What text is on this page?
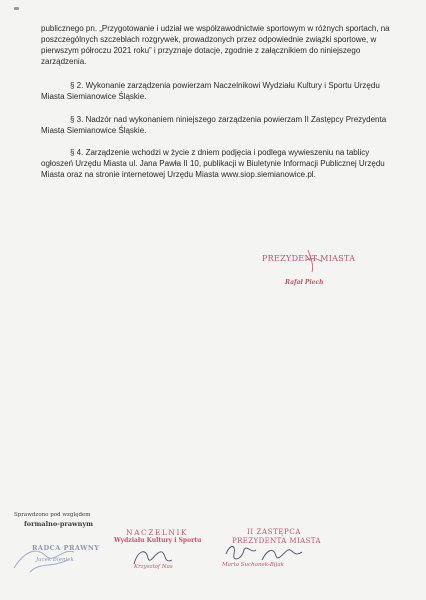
publicznego pn. „Przygotowanie i udział we współzawodnictwie sportowym w różnych sportach, na poszczególnych szczeblach rozgrywek, prowadzonych przez odpowiednie związki sportowe, w pierwszym półroczu 2021 roku” i przyznaje dotacje, zgodnie z załącznikiem do niniejszego zarządzenia.
§ 2. Wykonanie zarządzenia powierzam Naczelnikowi Wydziału Kultury i Sportu Urzędu Miasta Siemianowice Śląskie.
§ 3. Nadzór nad wykonaniem niniejszego zarządzenia powierzam II Zastępcy Prezydenta Miasta Siemianowice Śląskie.
§ 4. Zarządzenie wchodzi w życie z dniem podjęcia i podlega wywieszeniu na tablicy ogłoszeń Urzędu Miasta ul. Jana Pawła II 10, publikacji w Biuletynie Informacji Publicznej Urzędu Miasta oraz na stronie internetowej Urzędu Miasta www.siop.siemianowice.pl.
PREZYDENT MIASTA
Rafał Piech
Sprawdzono pod względem
formalno-prawnym
RADCA PRAWNY
Jacek Bieniek
NACZELNIK
Wydziału Kultury i Sportu
Krzysztof Nas
II ZASTĘPCA
PREZYDENTA MIASTA
Marta Suchanek-Bijak
